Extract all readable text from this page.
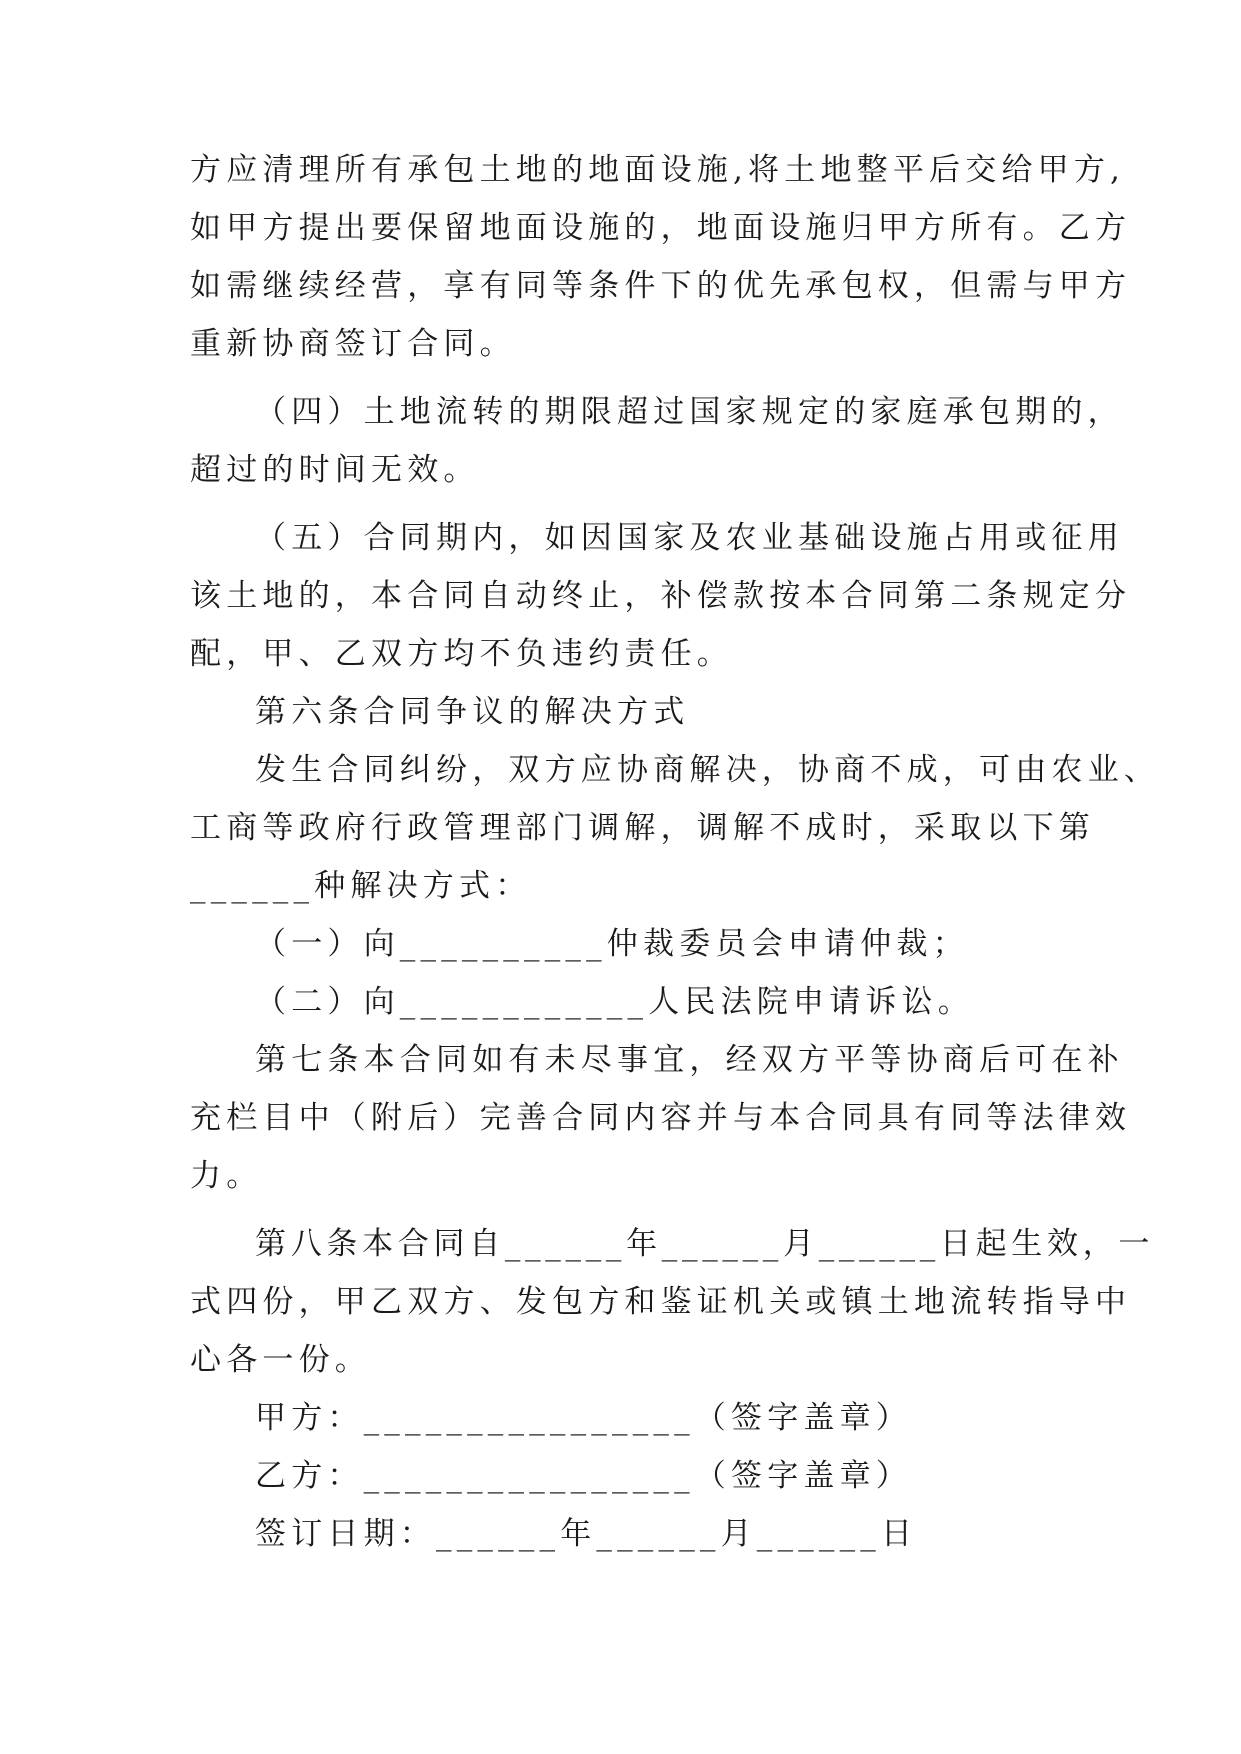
方应清理所有承包土地的地面设施,将土地整平后交给甲方,
如甲方提出要保留地面设施的，地面设施归甲方所有。乙方
如需继续经营，享有同等条件下的优先承包权，但需与甲方
重新协商签订合同。
（四）土地流转的期限超过国家规定的家庭承包期的，
超过的时间无效。
（五）合同期内，如因国家及农业基础设施占用或征用
该土地的，本合同自动终止，补偿款按本合同第二条规定分
配，甲、乙双方均不负违约责任。
第六条合同争议的解决方式
发生合同纠纷，双方应协商解决，协商不成，可由农业、
工商等政府行政管理部门调解，调解不成时，采取以下第
______种解决方式：
（一）向__________仲裁委员会申请仲裁；
（二）向____________人民法院申请诉讼。
第七条本合同如有未尽事宜，经双方平等协商后可在补
充栏目中（附后）完善合同内容并与本合同具有同等法律效
力。
第八条本合同自______年______月______日起生效，一
式四份，甲乙双方、发包方和鉴证机关或镇土地流转指导中
心各一份。
甲方：________________（签字盖章）
乙方：________________（签字盖章）
签订日期：______年______月______日
